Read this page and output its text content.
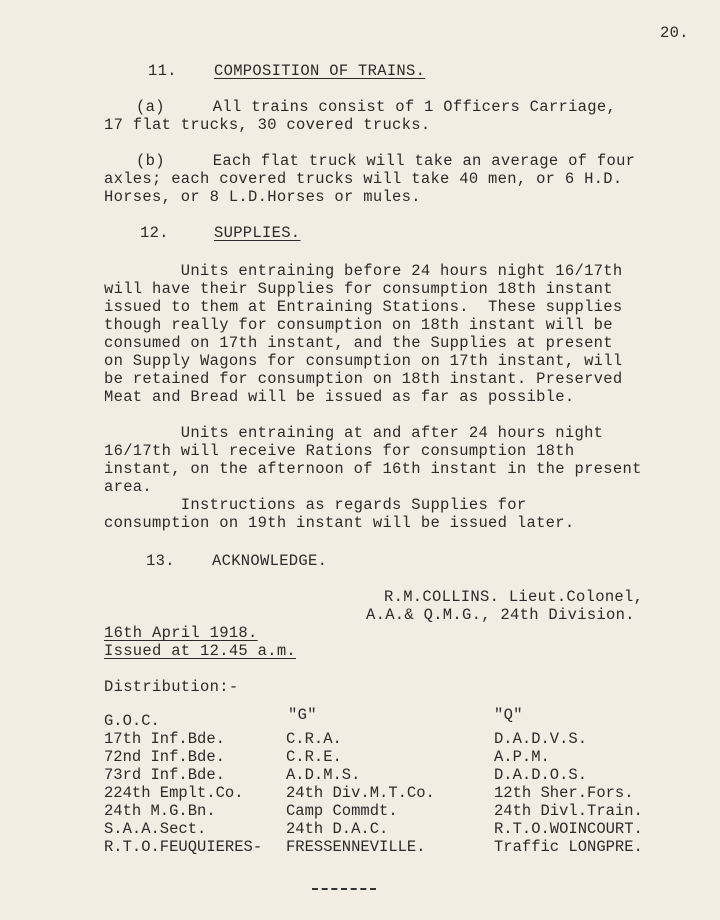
20.
11. COMPOSITION OF TRAINS.
(a)     All trains consist of 1 Officers Carriage,
17 flat trucks, 30 covered trucks.
(b)     Each flat truck will take an average of four
axles; each covered trucks will take 40 men, or 6 H.D.
Horses, or 8 L.D.Horses or mules.
12.	SUPPLIES.
Units entraining before 24 hours night 16/17th
will have their Supplies for consumption 18th instant
issued to them at Entraining Stations.  These supplies
though really for consumption on 18th instant will be
consumed on 17th instant, and the Supplies at present
on Supply Wagons for consumption on 17th instant, will
be retained for consumption on 18th instant. Preserved
Meat and Bread will be issued as far as possible.
Units entraining at and after 24 hours night
16/17th will receive Rations for consumption 18th
instant, on the afternoon of 16th instant in the present
area.
Instructions as regards Supplies for
consumption on 19th instant will be issued later.
13. ACKNOWLEDGE.
R.M.COLLINS. Lieut.Colonel,
A.A.& Q.M.G., 24th Division.
16th April 1918.
Issued at 12.45 a.m.
Distribution:-
"G"	"Q"
G.O.C.
17th Inf.Bde.
72nd Inf.Bde.
73rd Inf.Bde.
224th Emplt.Co.
24th M.G.Bn.
S.A.A.Sect.
R.T.O.FEUQUIERES-
C.R.A.
C.R.E.
A.D.M.S.
24th Div.M.T.Co.
Camp Commdt.
24th D.A.C.
FRESSENNEVILLE.
D.A.D.V.S.
A.P.M.
D.A.D.O.S.
12th Sher.Fors.
24th Divl.Train.
R.T.O.WOINCOURT.
Traffic LONGPRE.
